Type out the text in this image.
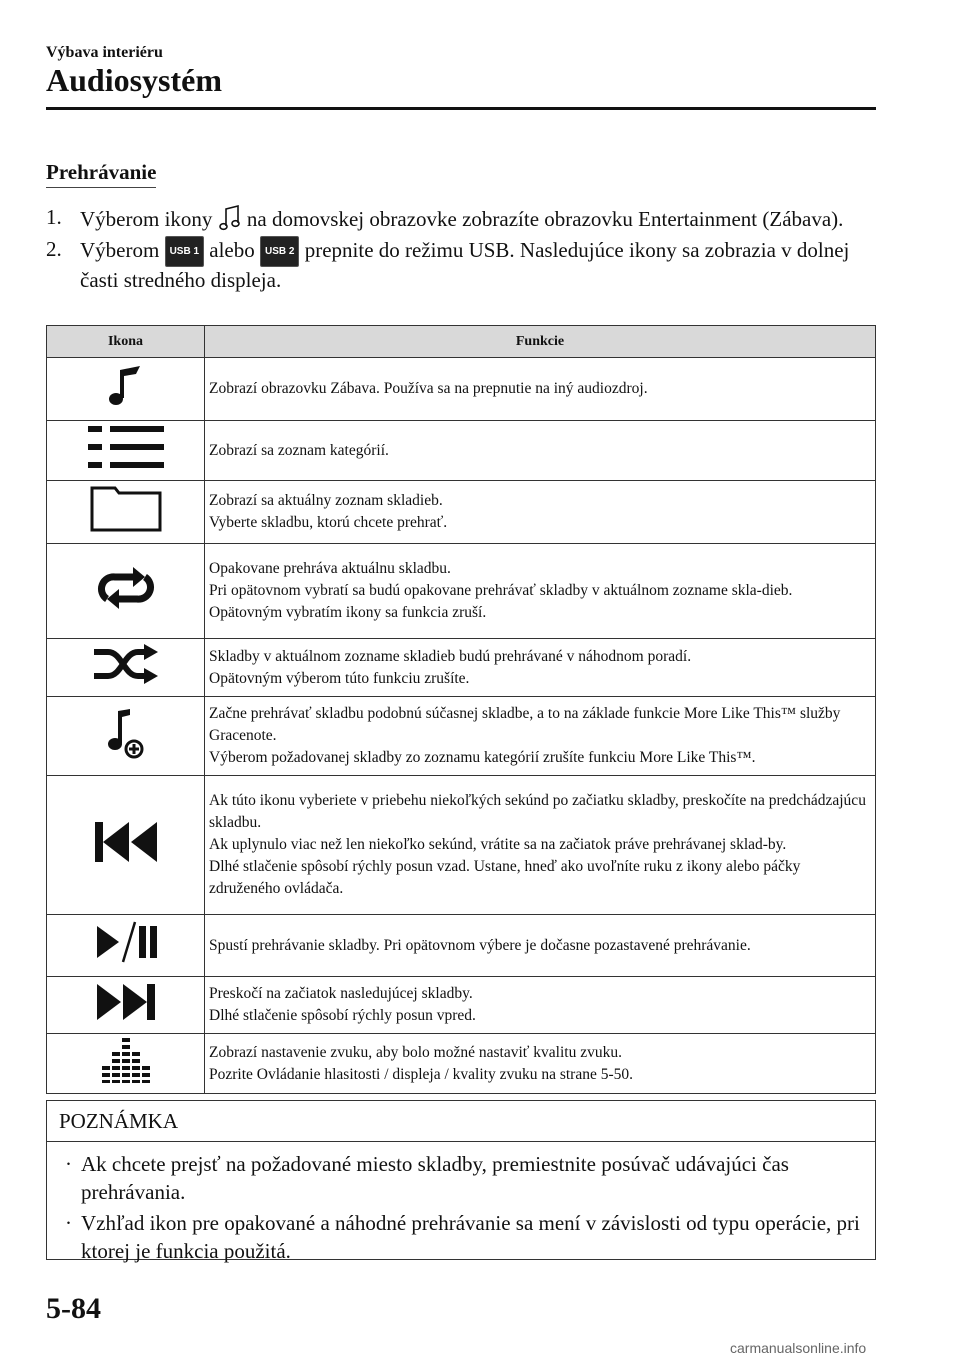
Výbava interiéru
Audiosystém
Prehrávanie
1. Výberom ikony  na domovskej obrazovke zobrazíte obrazovku Entertainment (Zábava).
2. Výberom USB 1 alebo USB 2 prepnite do režimu USB. Nasledujúce ikony sa zobrazia v dolnej časti stredného displeja.
Ikona	Funkcie

Zobrazí obrazovku Zábava. Používa sa na prepnutie na iný audiozdroj.

Zobrazí sa zoznam kategórií.

Zobrazí sa aktuálny zoznam skladieb.
Vyberte skladbu, ktorú chcete prehrať.

Opakovane prehráva aktuálnu skladbu.
Pri opätovnom vybratí sa budú opakovane prehrávať skladby v aktuálnom zozname skla-dieb.
Opätovným vybratím ikony sa funkcia zruší.

Skladby v aktuálnom zozname skladieb budú prehrávané v náhodnom poradí.
Opätovným výberom túto funkciu zrušíte.

Začne prehrávať skladbu podobnú súčasnej skladbe, a to na základe funkcie More Like This™ služby Gracenote.
Výberom požadovanej skladby zo zoznamu kategórií zrušíte funkciu More Like This™.

Ak túto ikonu vyberiete v priebehu niekoľkých sekúnd po začiatku skladby, preskočíte na predchádzajúcu skladbu.
Ak uplynulo viac než len niekoľko sekúnd, vrátite sa na začiatok práve prehrávanej sklad-by.
Dlhé stlačenie spôsobí rýchly posun vzad. Ustane, hneď ako uvoľníte ruku z ikony alebo páčky združeného ovládača.

Spustí prehrávanie skladby. Pri opätovnom výbere je dočasne pozastavené prehrávanie.

Preskočí na začiatok nasledujúcej skladby.
Dlhé stlačenie spôsobí rýchly posun vpred.

Zobrazí nastavenie zvuku, aby bolo možné nastaviť kvalitu zvuku.
Pozrite Ovládanie hlasitosti / displeja / kvality zvuku na strane 5-50.
POZNÁMKA
· Ak chcete prejsť na požadované miesto skladby, premiestnite posúvač udávajúci čas prehrávania.
· Vzhľad ikon pre opakované a náhodné prehrávanie sa mení v závislosti od typu operácie, pri ktorej je funkcia použitá.
5-84
carmanualsonline.info
